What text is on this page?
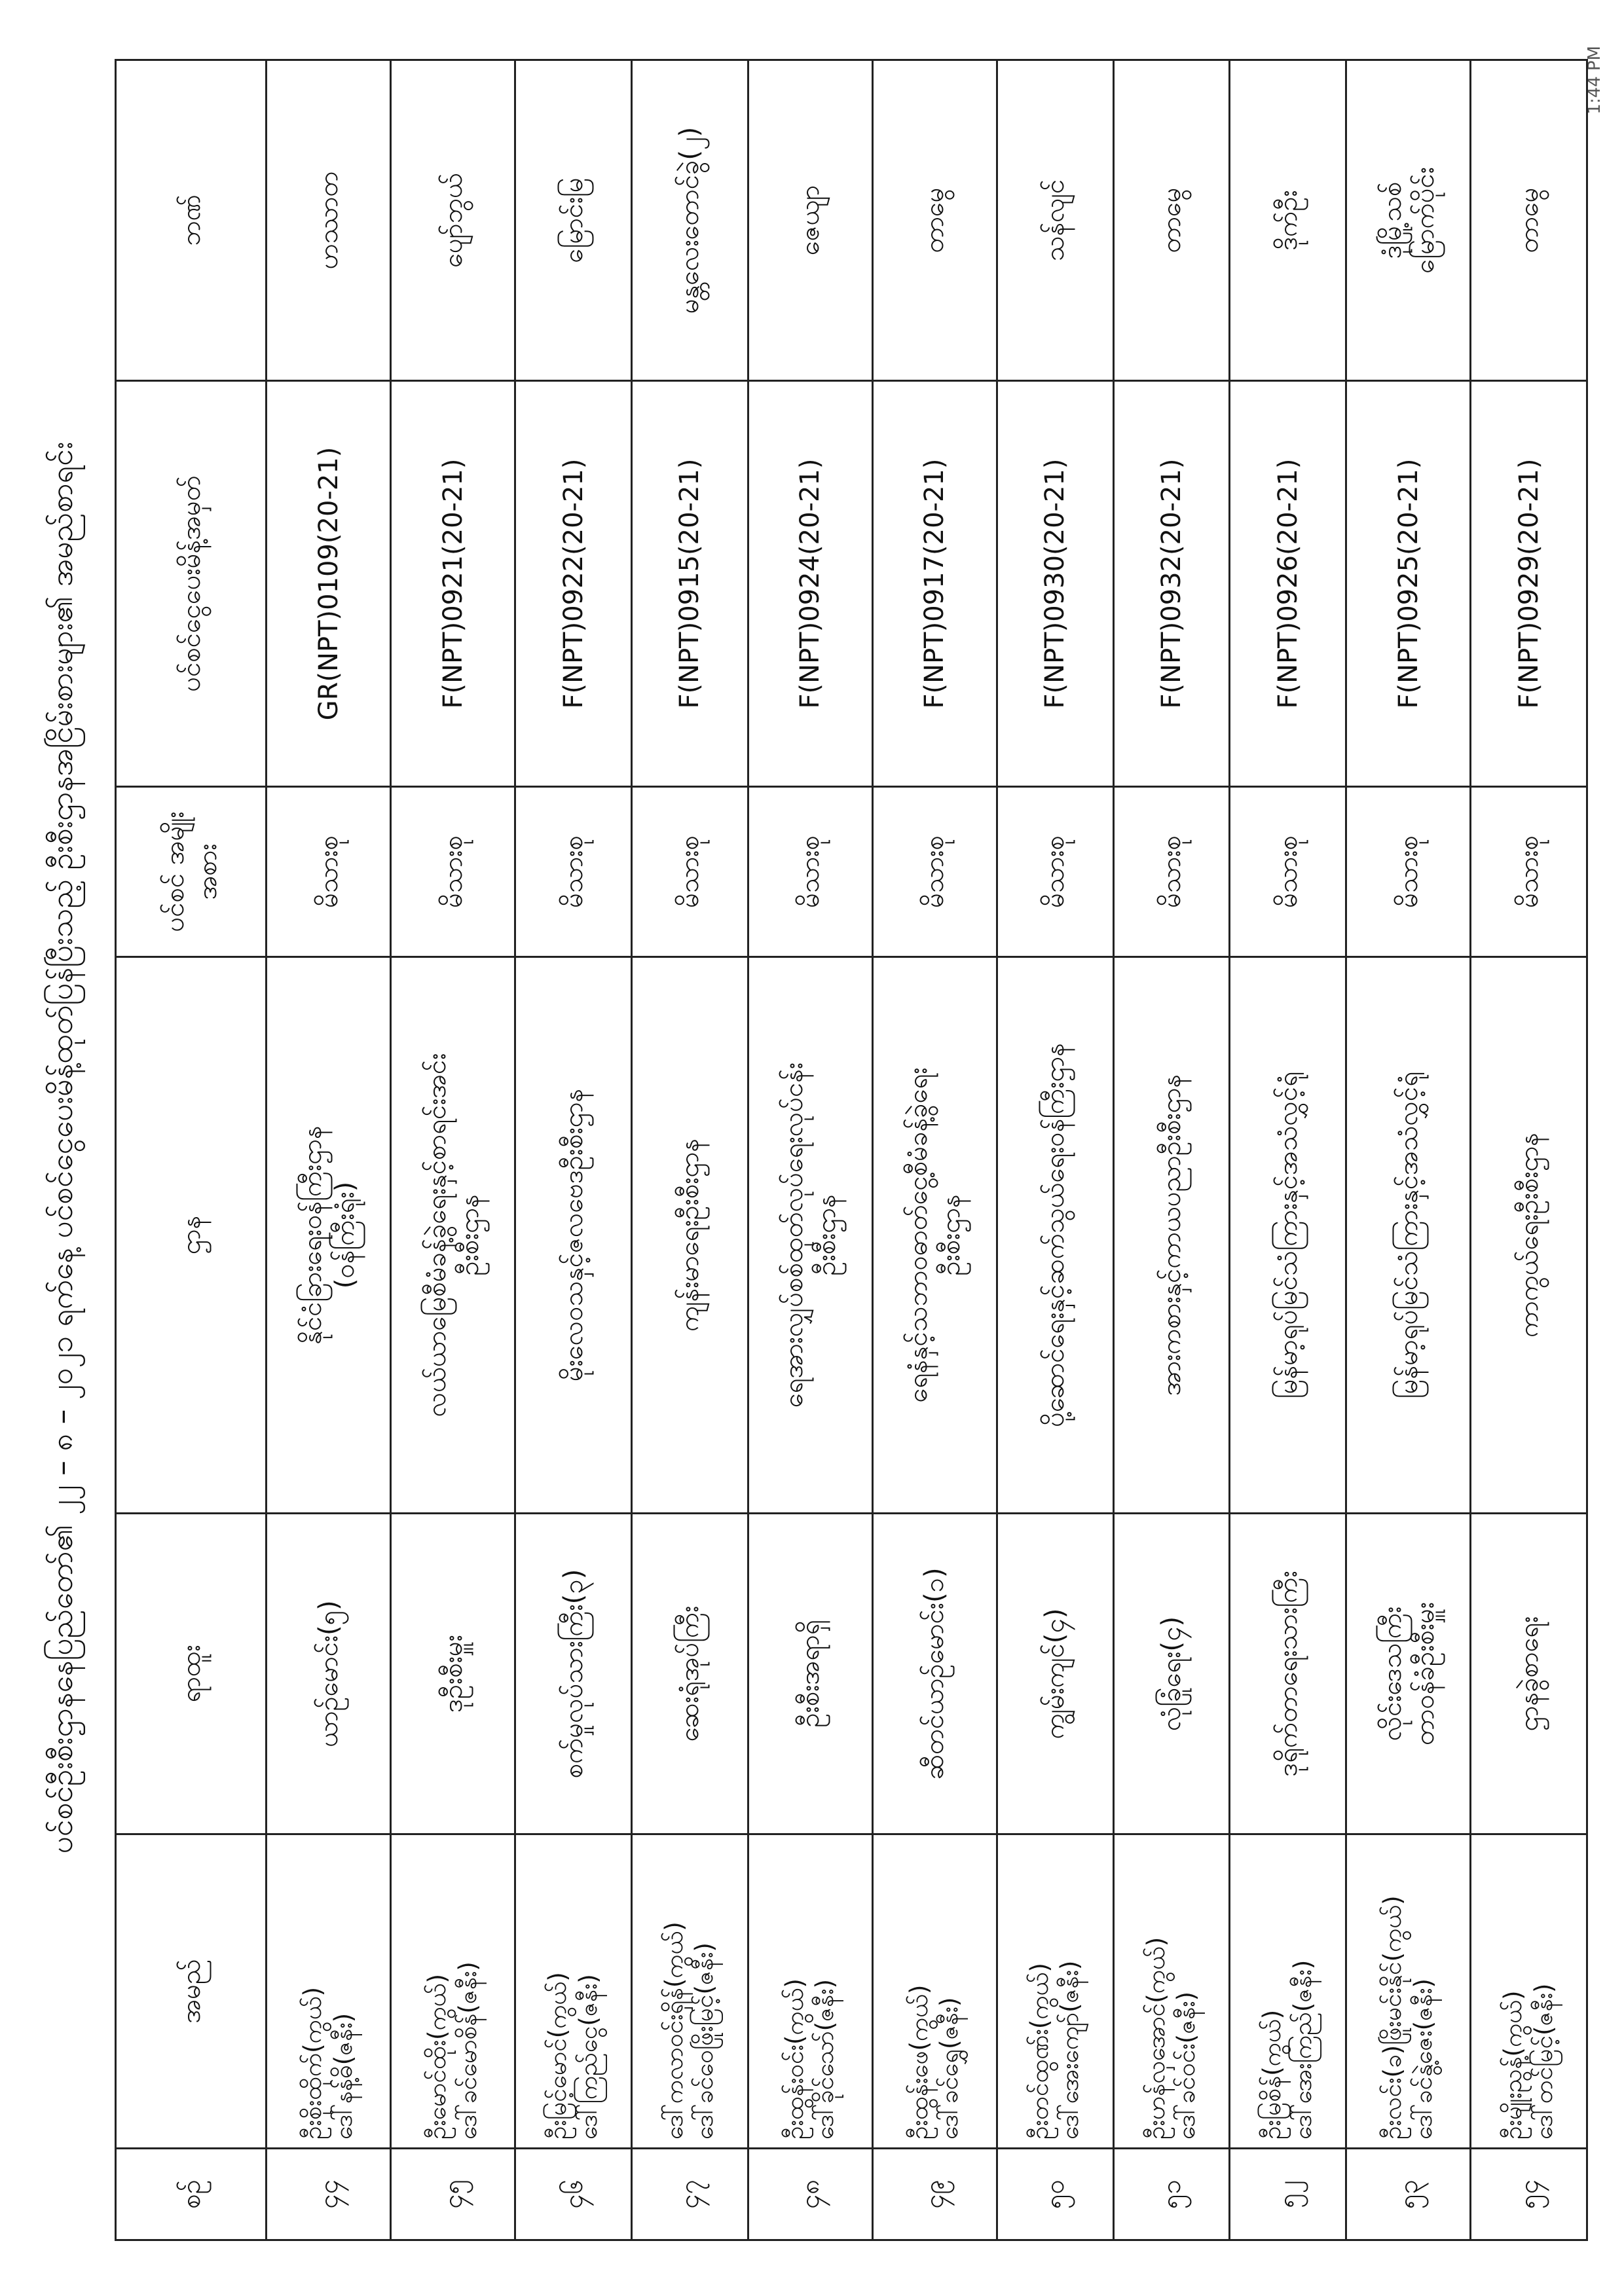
1:44 PM
ပင်စင်ဦးစီးဌာနနေပြည်တော်၏ ၂၂ – ၈ – ၂၀၂၁ ရက်နေ့ ပင်စင်ငွေပေးမိန့်ထုတ်ပြန်ပြီးသည့် ဦးစီးဌာနအငြိမ်းစားများ၏ အမည်စာရင်း
စဉ်	အမည်	ရာထူး	ဌာန	ပင်စင် အမျိုးအစား	ပင်စင်ငွေပေးမိန့်အမှတ်	ဘဏ်
၄၄	ဦးစိုးထိုက်(ကွယ်) ဒေါ်နန့်ဓိ(ဇနီး)	ယာဉ်မောင်း(၅)	နိုင်ငံခြားရေးဝန်ကြီးဌာန (ဝန်ကြီးရုံး)	မိသားစု	GR(NPT)0109(20-21)	ဟဿာတ

၄၅	ဦးမောင်ထိုး(ကွယ်) ဒေါ်ခင်မောစိန်(ဇနီး)	ဒုဦးစီးမှူး	လယ်ယာမြေစီမံခန့်ခွဲရေးနှင့်စာရင်းအင်း ဦးစီးဌာန	မိသားစု	F(NPT)0921(20-21)	ပျော်ဘွယ်

၄၆	ဦးမြင့်မောင်(ကွယ်) ဒေါ်ကြည်ငွေ(ဇနီး)	စက်မှုလုပ်သားကြီး(၃)	မိုးလေဝသနှင့်ဇလဗေဒဦးစီးဌာန	မိသားစု	F(NPT)0922(20-21)	မြောင်းမြ

၄၇	ဒေါ်ကလာဝင်းရှိန်(ကွယ်) ဒေါ်ခင်ဝေဖြိုးမြင့်(ဇနီး)	ဆေးရုံအုပ်ကြီး	ကျန်းမာရေးဦးစီးဌာန	မိသားစု	F(NPT)0915(20-21)	မန္တလေးတောင်ခွဲ(၂)

၄၈	ဦးထွန်းဝင်း(ကွယ်) ဒေါ်ခိုင်သော်(ဇနီး)	ဦးစီးအရာရှိ	ရေအားလျှပ်စစ်ထုတ်လုပ်ရေးလုပ်ငန်း ဦးစီးဌာန	မိသားစု	F(NPT)0924(20-21)	ဇေယျာ

၄၉	ဦးထွန်းဖေ(ကွယ်) ဒေါ်ခင်ရွှေ(ဇနီး)	ဆီတင်ယာဉ်မောင်း(၁)	ရေနံနှင့်သဘာဝဓာတ်ငွေ့စီမံခန့်ခွဲရေး ဦးစီးဌာန	မိသားစု	F(NPT)0917(20-21)	တာမွေ

၅၀	ဦးတင်ထွဏ်း(ကွယ်) ဒေါ်အေးကျော်(ဇနီး)	ကျွမ်းကျင်(၄)	ပို့ဆောင်ရေးနှင့်ဆက်သွယ်ရေးဝန်ကြီးဌာန	မိသားစု	F(NPT)0930(20-21)	သန်လျင်

၅၁	ဦးဟန်လှအောင်(ကွယ်) ဒေါ်ခင်ဝင်း(ဇနီး)	လုံခြုံရေး(၄)	အားကစားနှင့်ကာယပညာဦးစီးဌာန	မိသားစု	F(NPT)0932(20-21)	တာမွေ

၅၂	ဦးမြစိန်(ကွယ်) ဒေါ်အေးကြည်(ဇနီး)	ဒုရိုက်တာရေးသားကြီး	မြန်မာ့ရုပ်မြင်သံကြားနှင့်အသံလွှင့်ရုံ	မိသားစု	F(NPT)0926(20-21)	ဒိုက်ဦး

၅၃	ဦးလင်း(ခ)ဖြိုးမင်းနိုင်(ကွယ်) ဒေါ်ခင်နွဲ့ဇေး(ဇနီး)	လိုင်းဒေသကြီး တာဝန်ခံဦးစီးမှူး	မြန်မာ့ရုပ်မြင်သံကြားနှင့်အသံလွှင့်ရုံ	မိသားစု	F(NPT)0925(20-21)	ဒုံမြို့သစ် မြောက်ပိုင်း

၅၄	ဦးမျိုးညွန့်(ကွယ်) ဒေါ်တင်မြင့်(ဇနီး)	ဌာနခွဲစာရေး	ကာကွယ်ရေးဦးစီးဌာန	မိသားစု	F(NPT)0929(20-21)	တာမွေ
